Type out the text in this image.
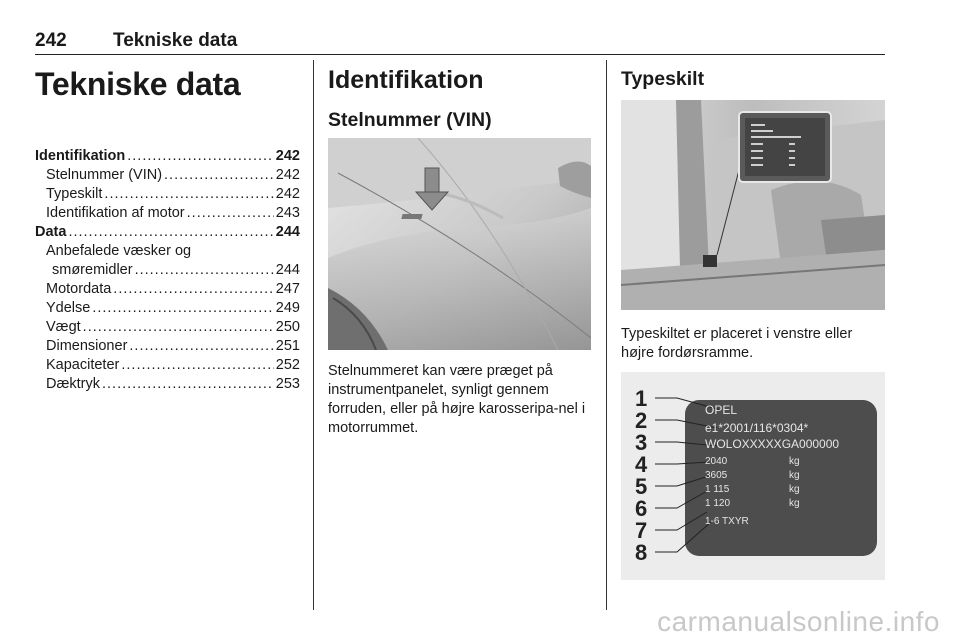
242 Tekniske data
Tekniske data
Identifikation .....	242
Stelnummer (VIN) .....	242
Typeskilt .....	242
Identifikation af motor .....	243
Data .....	244
Anbefalede væsker og
smøremidler .....	244
Motordata .....	247
Ydelse .....	249
Vægt .....	250
Dimensioner .....	251
Kapaciteter .....	252
Dæktryk .....	253
Identifikation
Stelnummer (VIN)
Stelnummeret kan være præget på instrumentpanelet, synligt gennem forruden, eller på højre karosseripa-nel i motorrummet.
Typeskilt
Typeskiltet er placeret i venstre eller højre fordørsramme.
1
2
3
4
5
6
7
8
OPEL
e1*2001/116*0304*
WOLOXXXXXGA000000
2040
3605
1 115
1 120
1-6 TXYR
kg
kg
kg
kg
carmanualsonline.info
